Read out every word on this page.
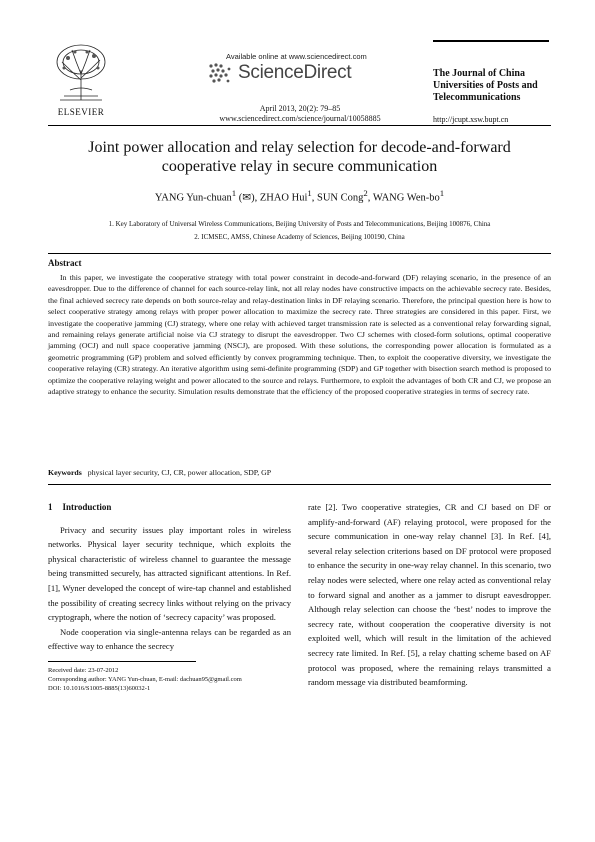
ELSEVIER
Available online at www.sciencedirect.com
ScienceDirect
April 2013, 20(2): 79–85
www.sciencedirect.com/science/journal/10058885
The Journal of China Universities of Posts and Telecommunications
http://jcupt.xsw.bupt.cn
Joint power allocation and relay selection for decode-and-forward
cooperative relay in secure communication
YANG Yun-chuan$^1$ (✉), ZHAO Hui$^1$, SUN Cong$^2$, WANG Wen-$bo^1$
1. Key Laboratory of Universal Wireless Communications, Beijing University of Posts and Telecommunications, Beijing 100876, China
2. ICMSEC, AMSS, Chinese Academy of Sciences, Beijing 100190, China
Abstract
In this paper, we investigate the cooperative strategy with total power constraint in decode-and-forward (DF) relaying scenario, in the presence of an eavesdropper. Due to the difference of channel for each source-relay link, not all relay nodes have constructive impacts on the achievable secrecy rate. Besides, the final achieved secrecy rate depends on both source-relay and relay-destination links in DF relaying scenario. Therefore, the principal question here is how to select cooperative strategy among relays with proper power allocation to maximize the secrecy rate. Three strategies are considered in this paper. First, we investigate the cooperative jamming (CJ) strategy, where one relay with achieved target transmission rate is selected as a conventional relay forwarding signal, and remaining relays generate artificial noise via CJ strategy to disrupt the eavesdropper. Two CJ schemes with closed-form solutions, optimal cooperative jamming (OCJ) and null space cooperative jamming (NSCJ), are proposed. With these solutions, the corresponding power allocation is formulated as a geometric programming (GP) problem and solved efficiently by convex programming technique. Then, to exploit the cooperative diversity, we investigate the cooperative relaying (CR) strategy. An iterative algorithm using semi-definite programming (SDP) and GP together with bisection search method is proposed to optimize the cooperative relaying weight and power allocated to the source and relays. Furthermore, to exploit the advantages of both CR and CJ, we propose an adaptive strategy to enhance the security. Simulation results demonstrate that the efficiency of the proposed cooperative strategies in terms of secrecy rate.
Keywords physical layer security, CJ, CR, power allocation, SDP, GP
1 Introduction

Privacy and security issues play important roles in wireless networks. Physical layer security technique, which exploits the physical characteristic of wireless channel to guarantee the message being transmitted securely, has attracted significant attentions. In Ref. [1], Wyner developed the concept of wire-tap channel and established the possibility of creating secrecy links without relying on the privacy cryptograph, where the notion of ‘secrecy capacity’ was proposed.

Node cooperation via single-antenna relays can be regarded as an effective way to enhance the secrecy

rate [2]. Two cooperative strategies, CR and CJ based on DF or amplify-and-forward (AF) relaying protocol, were proposed for the secure communication in one-way relay channel [3]. In Ref. [4], several relay selection criterions based on DF protocol were proposed to enhance the security in one-way relay channel. In this scenario, two relay nodes were selected, where one relay acted as conventional relay to forward signal and another as a jammer to disrupt eavesdropper. Although relay selection can choose the ‘best’ nodes to improve the secrecy rate, without cooperation the cooperative diversity is not exploited well, which will result in the limitation of the achieved secrecy rate limited. In Ref. [5], a relay chatting scheme based on AF protocol was proposed, where the remaining relays transmitted a random message via distributed beamforming.

Received date: 23-07-2012
Corresponding author: YANG Yun-chuan, E-mail: dachuan95@gmail.com
DOI: 10.1016/S1005-8885(13)60032-1
